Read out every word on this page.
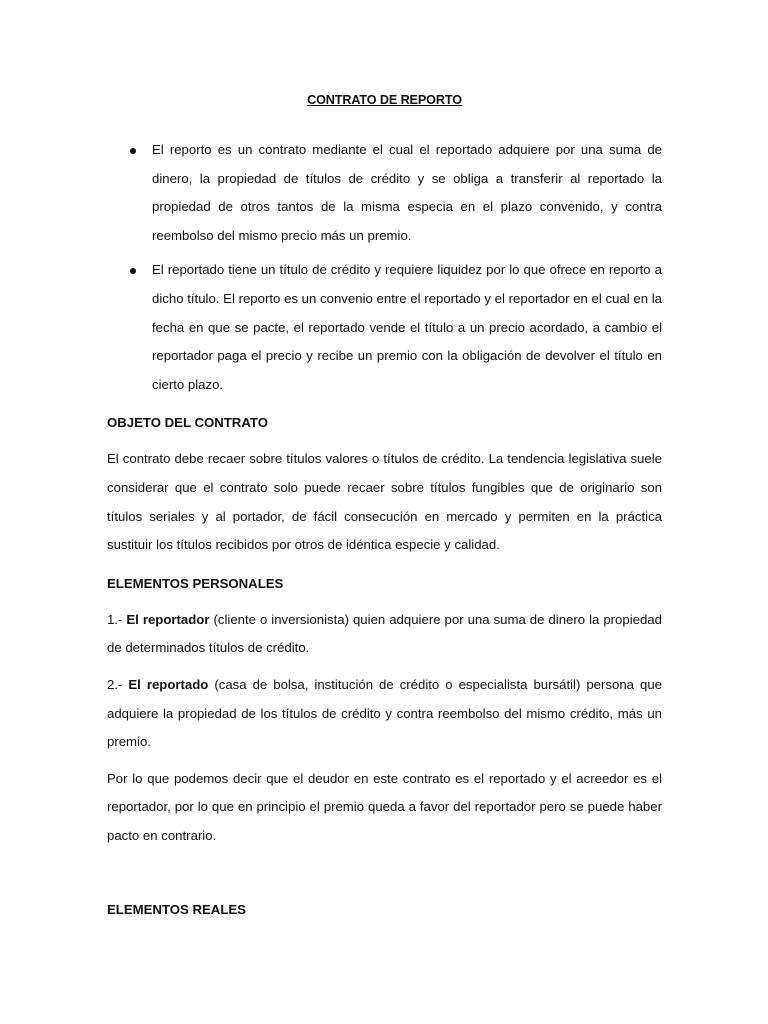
CONTRATO DE REPORTO
El reporto es un contrato mediante el cual el reportado adquiere por una suma de dinero, la propiedad de títulos de crédito y se obliga a transferir al reportado la propiedad de otros tantos de la misma especia en el plazo convenido, y contra reembolso del mismo precio más un premio.
El reportado tiene un título de crédito y requiere liquidez por lo que ofrece en reporto a dicho título. El reporto es un convenio entre el reportado y el reportador en el cual en la fecha en que se pacte, el reportado vende el título a un precio acordado, a cambio el reportador paga el precio y recibe un premio con la obligación de devolver el título en cierto plazo.
OBJETO DEL CONTRATO
El contrato debe recaer sobre títulos valores o títulos de crédito. La tendencia legislativa suele considerar que el contrato solo puede recaer sobre títulos fungibles que de originario son títulos seriales y al portador, de fácil consecución en mercado y permiten en la práctica sustituir los títulos recibidos por otros de idéntica especie y calidad.
ELEMENTOS PERSONALES
1.- El reportador (cliente o inversionista) quien adquiere por una suma de dinero la propiedad de determinados títulos de crédito.
2.- El reportado (casa de bolsa, institución de crédito o especialista bursátil) persona que adquiere la propiedad de los títulos de crédito y contra reembolso del mismo crédito, más un premio.
Por lo que podemos decir que el deudor en este contrato es el reportado y el acreedor es el reportador, por lo que en principio el premio queda a favor del reportador pero se puede haber pacto en contrario.
ELEMENTOS REALES
